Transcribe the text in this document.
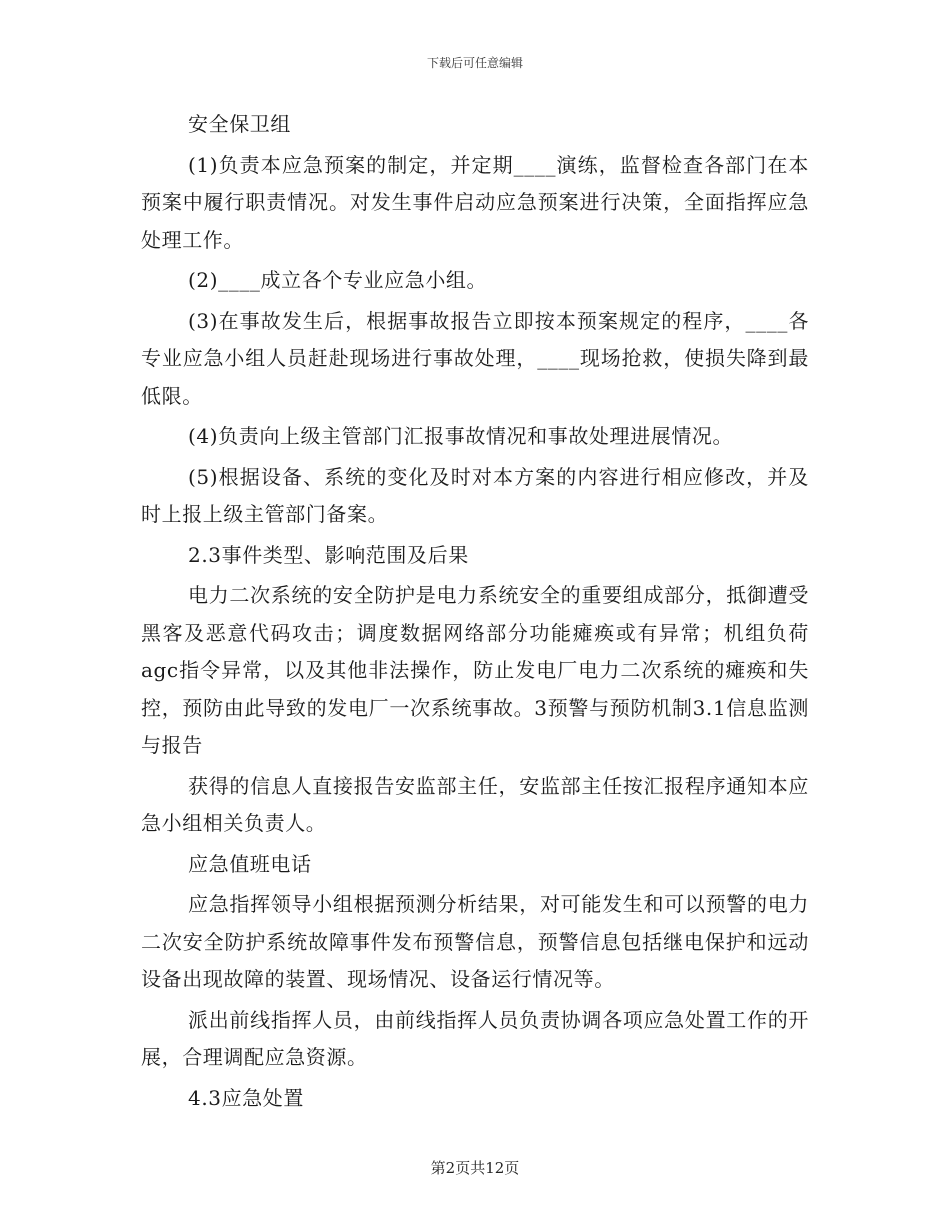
下载后可任意编辑

安全保卫组

(1)负责本应急预案的制定，并定期____演练，监督检查各部门在本预案中履行职责情况。对发生事件启动应急预案进行决策，全面指挥应急处理工作。

(2)____成立各个专业应急小组。

(3)在事故发生后，根据事故报告立即按本预案规定的程序，____各专业应急小组人员赶赴现场进行事故处理，____现场抢救，使损失降到最低限。

(4)负责向上级主管部门汇报事故情况和事故处理进展情况。

(5)根据设备、系统的变化及时对本方案的内容进行相应修改，并及时上报上级主管部门备案。

2.3事件类型、影响范围及后果

电力二次系统的安全防护是电力系统安全的重要组成部分，抵御遭受黑客及恶意代码攻击；调度数据网络部分功能瘫痪或有异常；机组负荷agc指令异常，以及其他非法操作，防止发电厂电力二次系统的瘫痪和失控，预防由此导致的发电厂一次系统事故。3预警与预防机制3.1信息监测与报告

获得的信息人直接报告安监部主任，安监部主任按汇报程序通知本应急小组相关负责人。

应急值班电话

应急指挥领导小组根据预测分析结果，对可能发生和可以预警的电力二次安全防护系统故障事件发布预警信息，预警信息包括继电保护和远动设备出现故障的装置、现场情况、设备运行情况等。

派出前线指挥人员，由前线指挥人员负责协调各项应急处置工作的开展，合理调配应急资源。

4.3应急处置

第2页共12页
